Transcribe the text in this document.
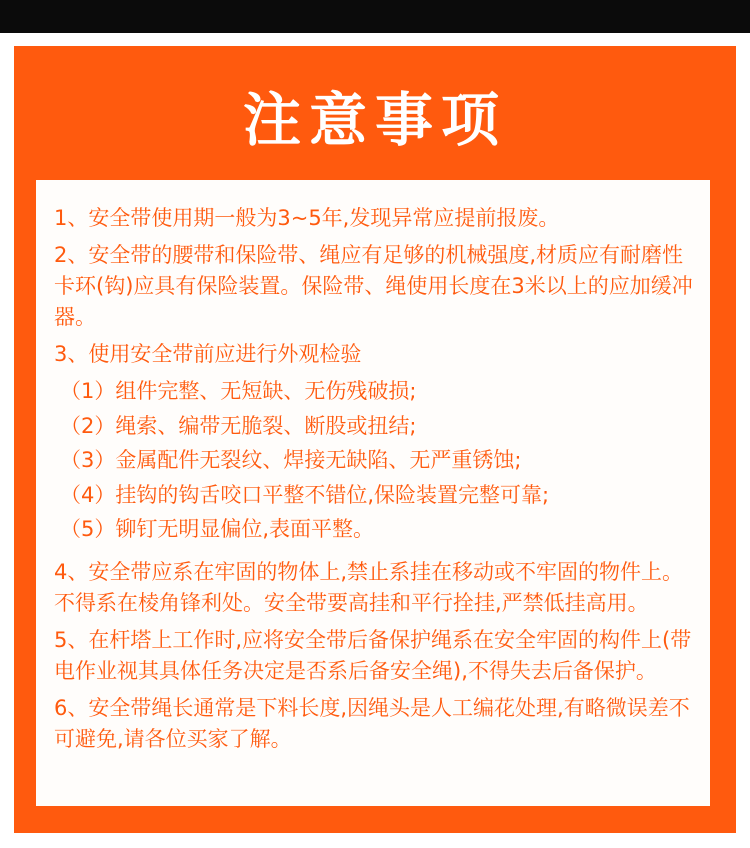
注意事项

1、安全带使用期一般为3~5年,发现异常应提前报废。

2、安全带的腰带和保险带、绳应有足够的机械强度,材质应有耐磨性卡环(钩)应具有保险装置。保险带、绳使用长度在3米以上的应加缓冲器。

3、使用安全带前应进行外观检验

（1）组件完整、无短缺、无伤残破损;

（2）绳索、编带无脆裂、断股或扭结;

（3）金属配件无裂纹、焊接无缺陷、无严重锈蚀;

（4）挂钩的钩舌咬口平整不错位,保险装置完整可靠;

（5）铆钉无明显偏位,表面平整。

4、安全带应系在牢固的物体上,禁止系挂在移动或不牢固的物件上。不得系在棱角锋利处。安全带要高挂和平行拴挂,严禁低挂高用。

5、在杆塔上工作时,应将安全带后备保护绳系在安全牢固的构件上(带电作业视其具体任务决定是否系后备安全绳),不得失去后备保护。

6、安全带绳长通常是下料长度,因绳头是人工编花处理,有略微误差不可避免,请各位买家了解。
